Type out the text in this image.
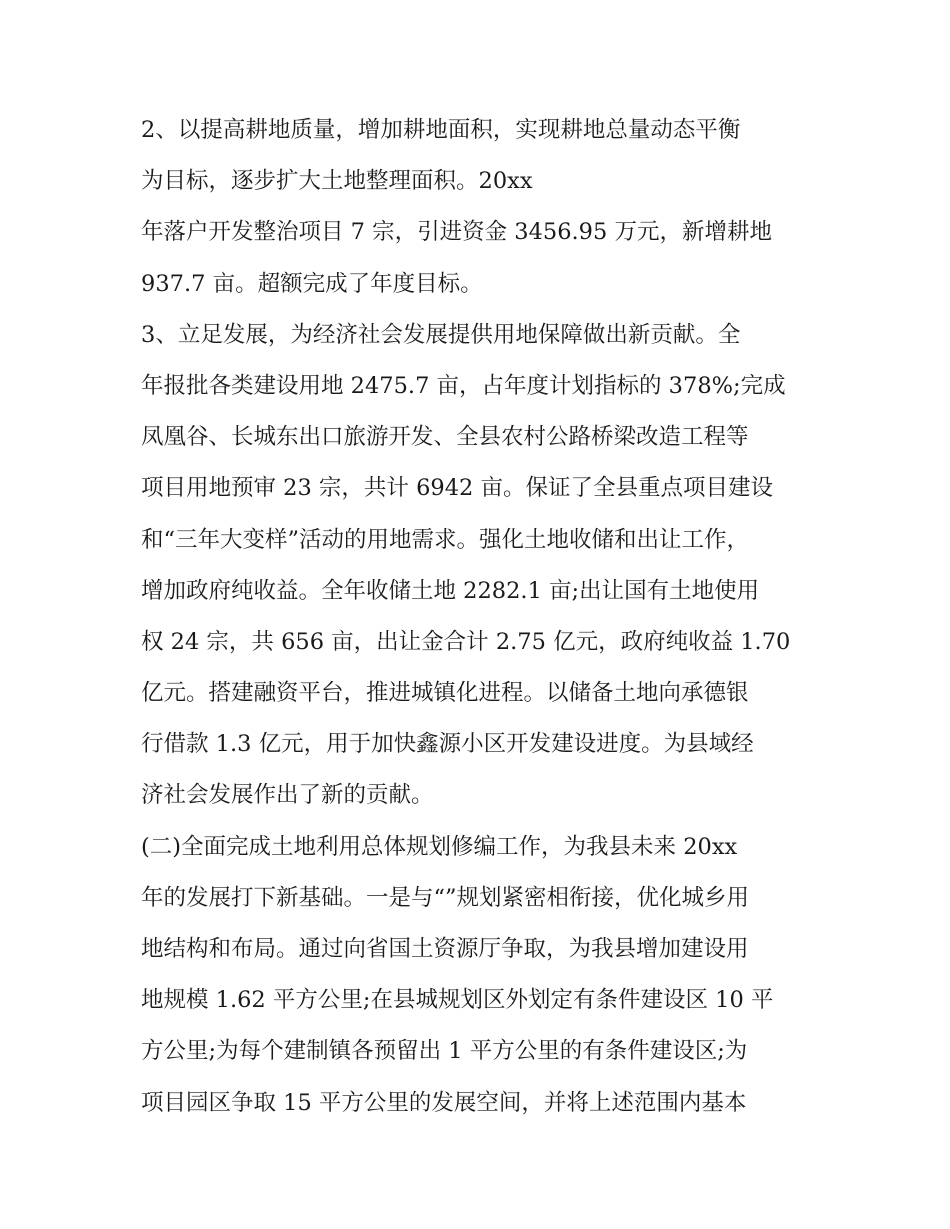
2、以提高耕地质量，增加耕地面积，实现耕地总量动态平衡
为目标，逐步扩大土地整理面积。20xx
年落户开发整治项目 7 宗，引进资金 3456.95 万元，新增耕地
937.7 亩。超额完成了年度目标。
3、立足发展，为经济社会发展提供用地保障做出新贡献。全
年报批各类建设用地 2475.7 亩，占年度计划指标的 378%;完成
凤凰谷、长城东出口旅游开发、全县农村公路桥梁改造工程等
项目用地预审 23 宗，共计 6942 亩。保证了全县重点项目建设
和“三年大变样”活动的用地需求。强化土地收储和出让工作，
增加政府纯收益。全年收储土地 2282.1 亩;出让国有土地使用
权 24 宗，共 656 亩，出让金合计 2.75 亿元，政府纯收益 1.70
亿元。搭建融资平台，推进城镇化进程。以储备土地向承德银
行借款 1.3 亿元，用于加快鑫源小区开发建设进度。为县域经
济社会发展作出了新的贡献。
(二)全面完成土地利用总体规划修编工作，为我县未来 20xx
年的发展打下新基础。一是与“”规划紧密相衔接，优化城乡用
地结构和布局。通过向省国土资源厅争取，为我县增加建设用
地规模 1.62 平方公里;在县城规划区外划定有条件建设区 10 平
方公里;为每个建制镇各预留出 1 平方公里的有条件建设区;为
项目园区争取 15 平方公里的发展空间，并将上述范围内基本
